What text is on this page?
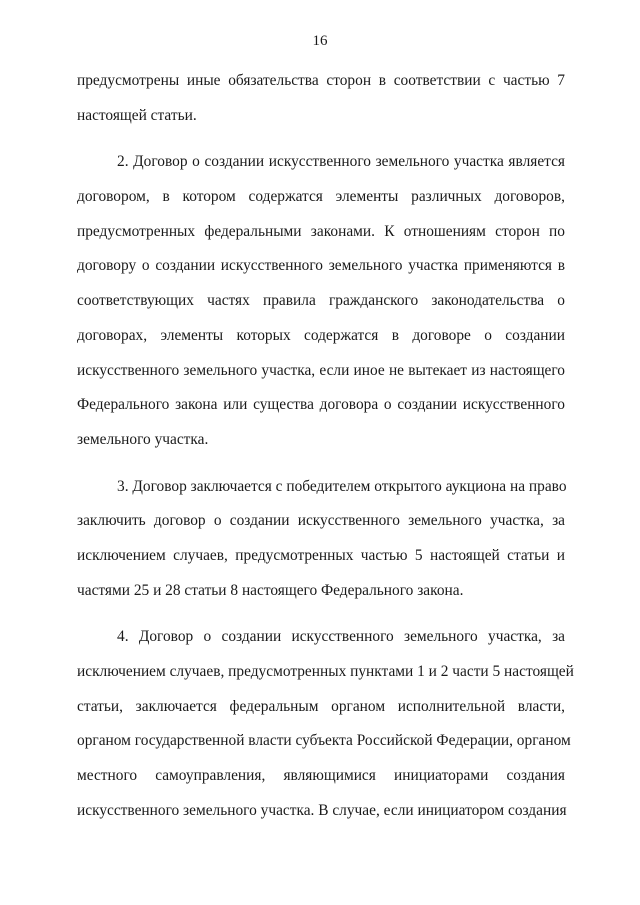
16
предусмотрены иные обязательства сторон в соответствии с частью 7
настоящей статьи.
2. Договор о создании искусственного земельного участка является
договором, в котором содержатся элементы различных договоров,
предусмотренных федеральными законами. К отношениям сторон по
договору о создании искусственного земельного участка применяются в
соответствующих частях правила гражданского законодательства о
договорах, элементы которых содержатся в договоре о создании
искусственного земельного участка, если иное не вытекает из настоящего
Федерального закона или существа договора о создании искусственного
земельного участка.
3. Договор заключается с победителем открытого аукциона на право
заключить договор о создании искусственного земельного участка, за
исключением случаев, предусмотренных частью 5 настоящей статьи и
частями 25 и 28 статьи 8 настоящего Федерального закона.
4. Договор о создании искусственного земельного участка, за
исключением случаев, предусмотренных пунктами 1 и 2 части 5 настоящей
статьи, заключается федеральным органом исполнительной власти,
органом государственной власти субъекта Российской Федерации, органом
местного самоуправления, являющимися инициаторами создания
искусственного земельного участка. В случае, если инициатором создания
